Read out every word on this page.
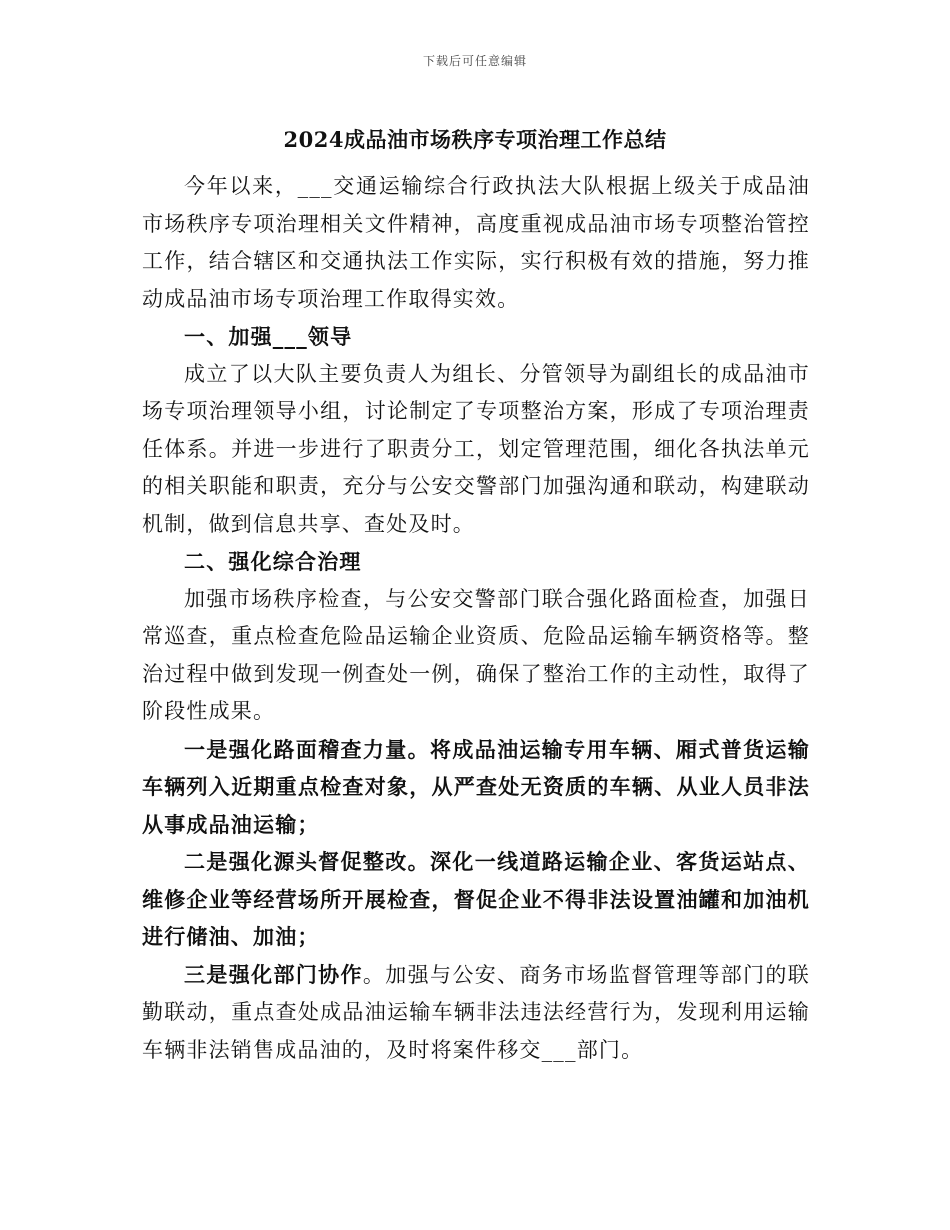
下载后可任意编辑
2024成品油市场秩序专项治理工作总结

今年以来，___交通运输综合行政执法大队根据上级关于成品油市场秩序专项治理相关文件精神，高度重视成品油市场专项整治管控工作，结合辖区和交通执法工作实际，实行积极有效的措施，努力推动成品油市场专项治理工作取得实效。

一、加强___领导

成立了以大队主要负责人为组长、分管领导为副组长的成品油市场专项治理领导小组，讨论制定了专项整治方案，形成了专项治理责任体系。并进一步进行了职责分工，划定管理范围，细化各执法单元的相关职能和职责，充分与公安交警部门加强沟通和联动，构建联动机制，做到信息共享、查处及时。

二、强化综合治理

加强市场秩序检查，与公安交警部门联合强化路面检查，加强日常巡查，重点检查危险品运输企业资质、危险品运输车辆资格等。整治过程中做到发现一例查处一例，确保了整治工作的主动性，取得了阶段性成果。

一是强化路面稽查力量。将成品油运输专用车辆、厢式普货运输车辆列入近期重点检查对象，从严查处无资质的车辆、从业人员非法从事成品油运输；

二是强化源头督促整改。深化一线道路运输企业、客货运站点、维修企业等经营场所开展检查，督促企业不得非法设置油罐和加油机进行储油、加油；

三是强化部门协作。加强与公安、商务市场监督管理等部门的联勤联动，重点查处成品油运输车辆非法违法经营行为，发现利用运输车辆非法销售成品油的，及时将案件移交___部门。
